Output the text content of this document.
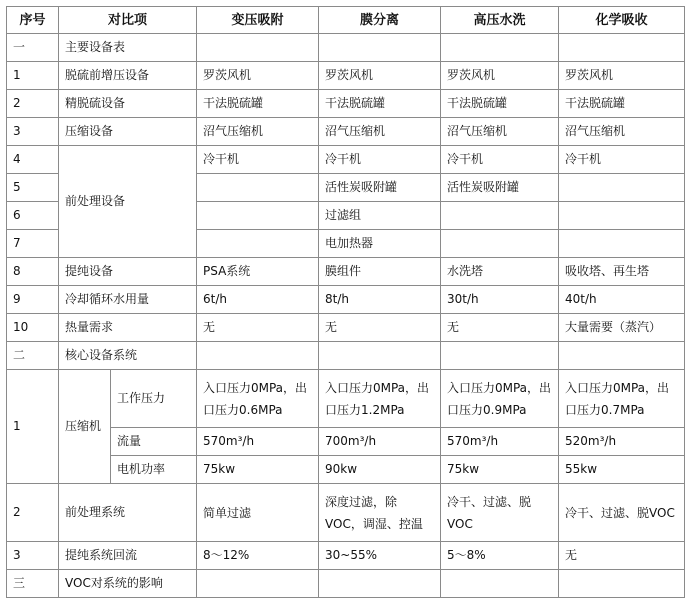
序号	对比项		变压吸附	膜分离	高压水洗	化学吸收
一	主要设备表					
1	脱硫前增压设备		罗茨风机	罗茨风机	罗茨风机	罗茨风机
2	精脱硫设备		干法脱硫罐	干法脱硫罐	干法脱硫罐	干法脱硫罐
3	压缩设备		沼气压缩机	沼气压缩机	沼气压缩机	沼气压缩机
4	前处理设备		冷干机	冷干机	冷干机	冷干机
5				活性炭吸附罐	活性炭吸附罐	
6				过滤组		
7				电加热器		
8	提纯设备		PSA系统	膜组件	水洗塔	吸收塔、再生塔
9	冷却循环水用量		6t/h	8t/h	30t/h	40t/h
10	热量需求		无	无	无	大量需要（蒸汽）
二	核心设备系统					
1	压缩机	工作压力	入口压力0MPa，出口压力0.6MPa	入口压力0MPa，出口压力1.2MPa	入口压力0MPa，出口压力0.9MPa	入口压力0MPa，出口压力0.7MPa
		流量	570m³/h	700m³/h	570m³/h	520m³/h
		电机功率	75kw	90kw	75kw	55kw
2	前处理系统		简单过滤	深度过滤，除VOC，调湿、控温	冷干、过滤、脱VOC	冷干、过滤、脱VOC
3	提纯系统回流		8～12%	30~55%	5～8%	无
三	VOC对系统的影响					
